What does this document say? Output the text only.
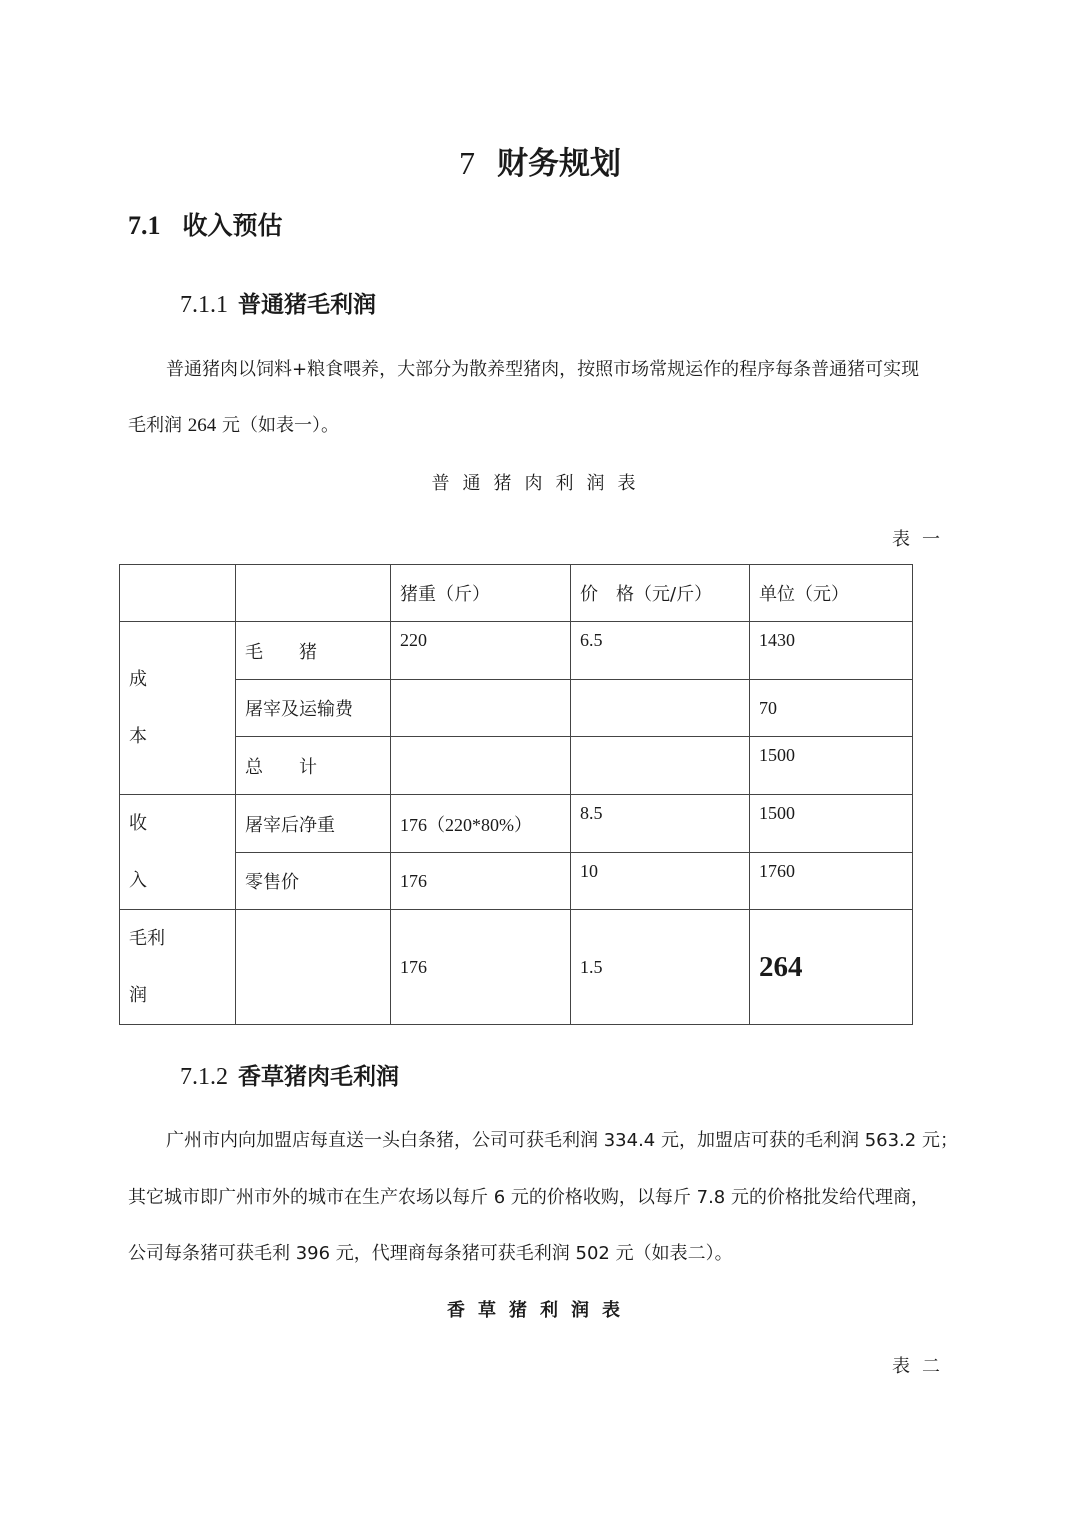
7 财务规划
7.1 收入预估
7.1.1 普通猪毛利润
普通猪肉以饲料+粮食喂养，大部分为散养型猪肉，按照市场常规运作的程序每条普通猪可实现
毛利润 264 元（如表一）。
普通猪肉利润表
表一
		猪重（斤）	价　格（元/斤）	单位（元）
成本	毛　　猪	220	6.5	1430
	屠宰及运输费			70
	总　　计			1500
收入	屠宰后净重	176（220*80%）	8.5	1500
	零售价	176	10	1760
毛利润		176	1.5	264
7.1.2 香草猪肉毛利润
广州市内向加盟店每直送一头白条猪，公司可获毛利润 334.4 元，加盟店可获的毛利润 563.2 元；
其它城市即广州市外的城市在生产农场以每斤 6 元的价格收购，以每斤 7.8 元的价格批发给代理商，
公司每条猪可获毛利 396 元，代理商每条猪可获毛利润 502 元（如表二）。
香草猪利润表
表二
